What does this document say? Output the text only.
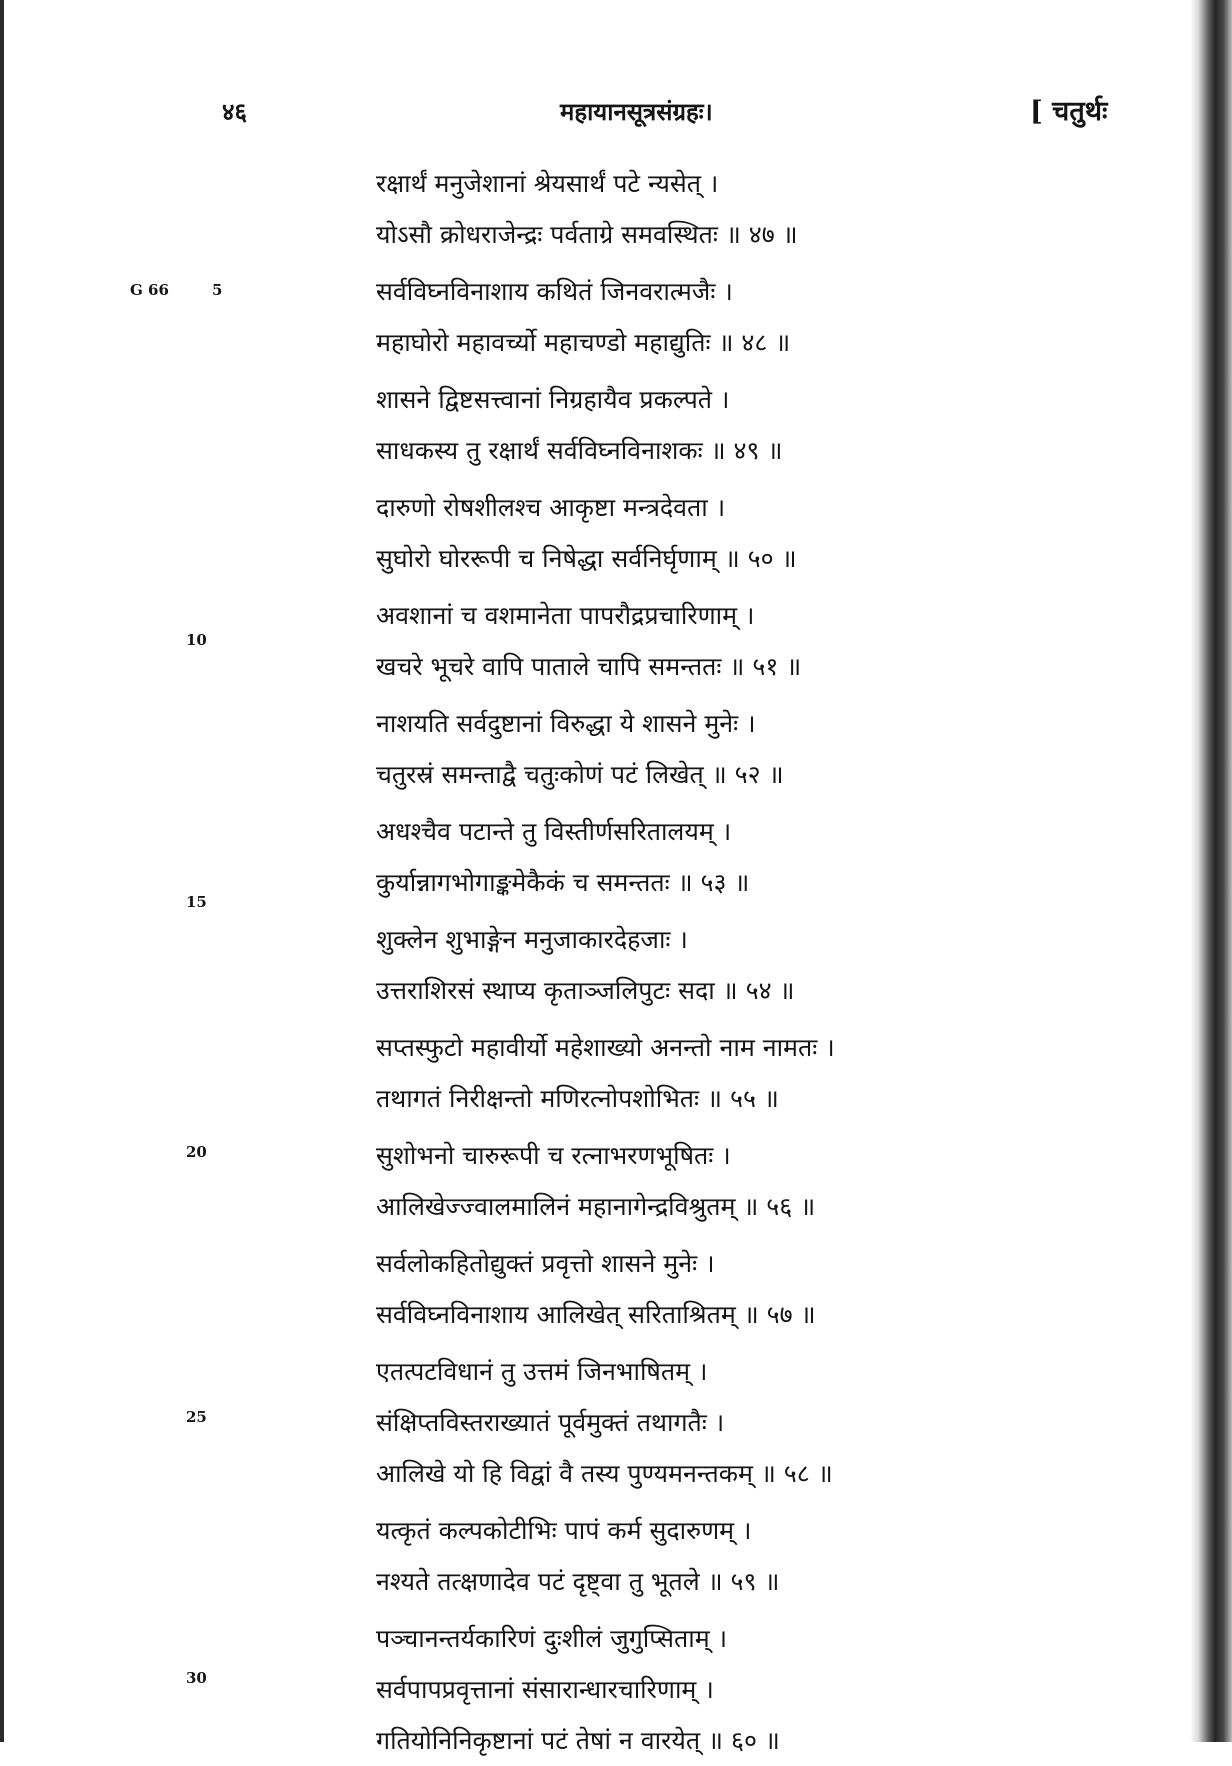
४६	महायानसूत्रसंग्रहः।	[ चतुर्थः
G 66	5
10
15
20
25
30
रक्षार्थं मनुजेशानां श्रेयसार्थं पटे न्यसेत् ।
योऽसौ क्रोधराजेन्द्रः पर्वताग्रे समवस्थितः ॥ ४७ ॥
सर्वविघ्नविनाशाय कथितं जिनवरात्मजैः ।
महाघोरो महावर्च्यो महाचण्डो महाद्युतिः ॥ ४८ ॥
शासने द्विष्टसत्त्वानां निग्रहायैव प्रकल्पते ।
साधकस्य तु रक्षार्थं सर्वविघ्नविनाशकः ॥ ४९ ॥
दारुणो रोषशीलश्च आकृष्टा मन्त्रदेवता ।
सुघोरो घोररूपी च निषेद्धा सर्वनिर्घृणाम् ॥ ५० ॥
अवशानां च वशमानेता पापरौद्रप्रचारिणाम् ।
खचरे भूचरे वापि पाताले चापि समन्ततः ॥ ५१ ॥
नाशयति सर्वदुष्टानां विरुद्धा ये शासने मुनेः ।
चतुरस्रं समन्ताद्वै चतुःकोणं पटं लिखेत् ॥ ५२ ॥
अधश्चैव पटान्ते तु विस्तीर्णसरितालयम् ।
कुर्यान्नागभोगाङ्कमेकैकं च समन्ततः ॥ ५३ ॥
शुक्लेन शुभाङ्गेन मनुजाकारदेहजाः ।
उत्तराशिरसं स्थाप्य कृताञ्जलिपुटः सदा ॥ ५४ ॥
सप्तस्फुटो महावीर्यो महेशाख्यो अनन्तो नाम नामतः ।
तथागतं निरीक्षन्तो मणिरत्नोपशोभितः ॥ ५५ ॥
सुशोभनो चारुरूपी च रत्नाभरणभूषितः ।
आलिखेज्ज्वालमालिनं महानागेन्द्रविश्रुतम् ॥ ५६ ॥
सर्वलोकहितोद्युक्तं प्रवृत्तो शासने मुनेः ।
सर्वविघ्नविनाशाय आलिखेत् सरिताश्रितम् ॥ ५७ ॥
एतत्पटविधानं तु उत्तमं जिनभाषितम् ।
संक्षिप्तविस्तराख्यातं पूर्वमुक्तं तथागतैः ।
आलिखे यो हि विद्वां वै तस्य पुण्यमनन्तकम् ॥ ५८ ॥
यत्कृतं कल्पकोटीभिः पापं कर्म सुदारुणम् ।
नश्यते तत्क्षणादेव पटं दृष्ट्वा तु भूतले ॥ ५९ ॥
पञ्चानन्तर्यकारिणं दुःशीलं जुगुप्सिताम् ।
सर्वपापप्रवृत्तानां संसारान्धारचारिणाम् ।
गतियोनिनिकृष्टानां पटं तेषां न वारयेत् ॥ ६० ॥
